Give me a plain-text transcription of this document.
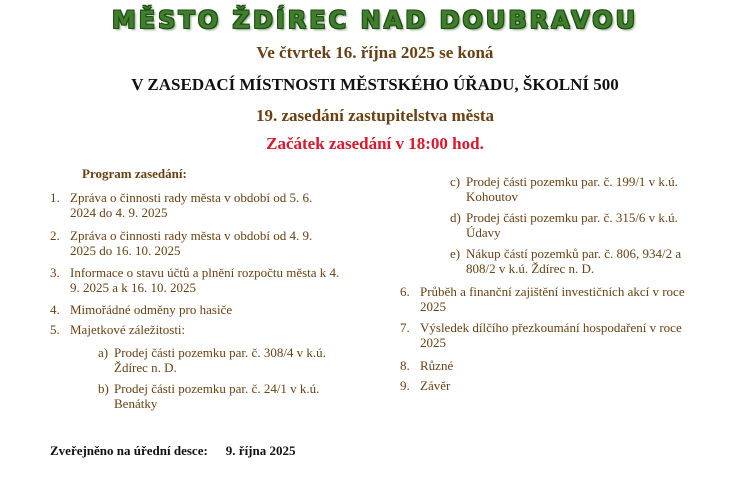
MĚSTO ŽDÍREC NAD DOUBRAVOU
Ve čtvrtek 16. října 2025 se koná
V ZASEDACÍ MÍSTNOSTI MĚSTSKÉHO ÚŘADU, ŠKOLNÍ 500
19. zasedání zastupitelstva města
Začátek zasedání v 18:00 hod.
Program zasedání:
1. Zpráva o činnosti rady města v období od 5. 6.
2024 do 4. 9. 2025
2. Zpráva o činnosti rady města v období od 4. 9.
2025 do 16. 10. 2025
3. Informace o stavu účtů a plnění rozpočtu města k 4.
9. 2025 a k 16. 10. 2025
4. Mimořádné odměny pro hasiče
5. Majetkové záležitosti:
a) Prodej části pozemku par. č. 308/4 v k.ú.
Ždírec n. D.
b) Prodej části pozemku par. č. 24/1 v k.ú.
Benátky
c) Prodej části pozemku par. č. 199/1 v k.ú.
Kohoutov
d) Prodej části pozemku par. č. 315/6 v k.ú.
Údavy
e) Nákup částí pozemků par. č. 806, 934/2 a
808/2 v k.ú. Ždírec n. D.
6. Průběh a finanční zajištění investičních akcí v roce
2025
7. Výsledek dílčího přezkoumání hospodaření v roce
2025
8. Různé
9. Závěr
Zveřejněno na úřední desce: 9. října 2025
